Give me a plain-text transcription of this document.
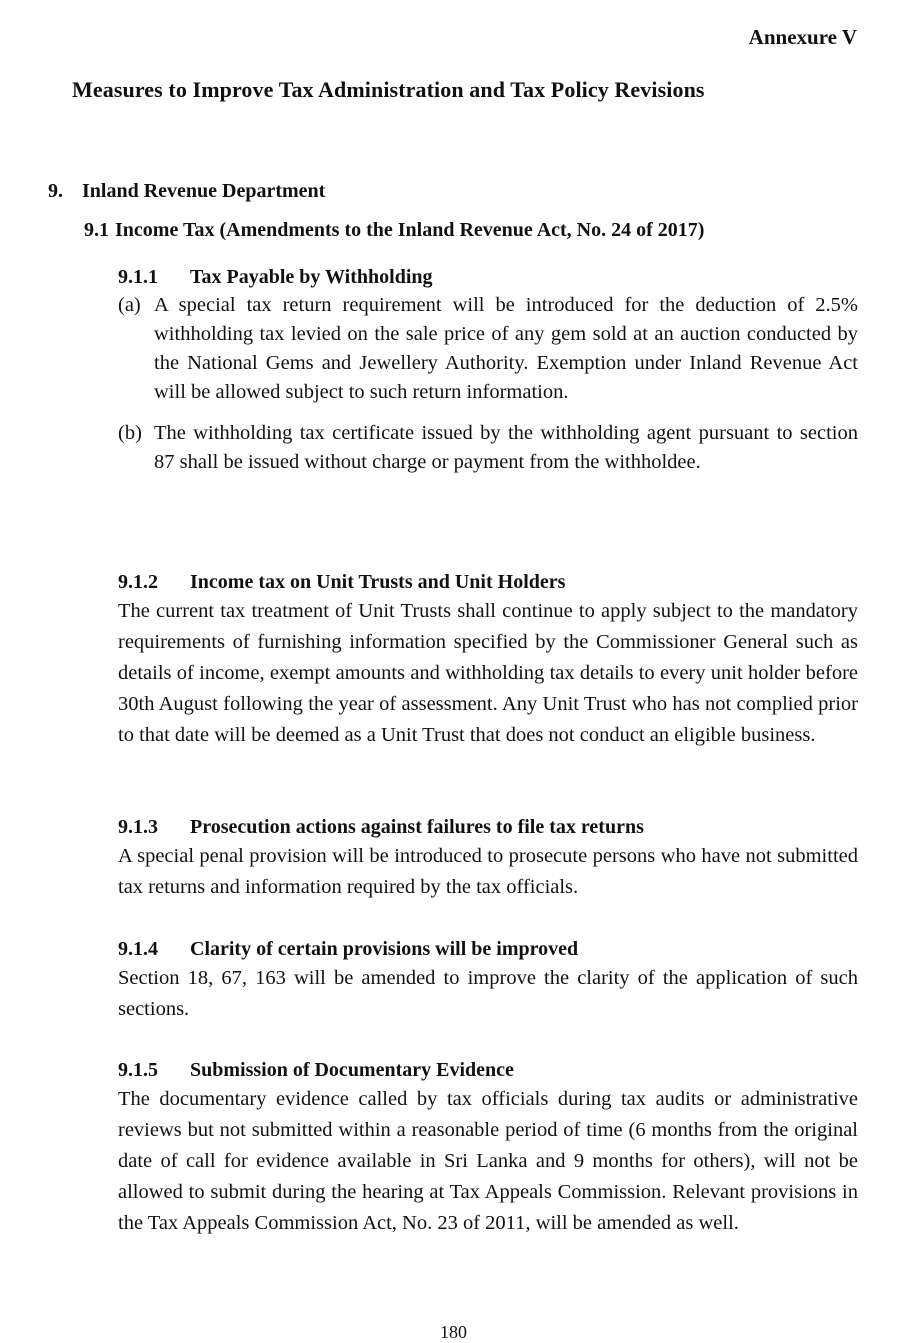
Annexure V

Measures to Improve Tax Administration and Tax Policy Revisions
9. Inland Revenue Department
9.1 Income Tax (Amendments to the Inland Revenue Act, No. 24 of 2017)
9.1.1 Tax Payable by Withholding

(a) A special tax return requirement will be introduced for the deduction of 2.5% withholding tax levied on the sale price of any gem sold at an auction conducted by the National Gems and Jewellery Authority. Exemption under Inland Revenue Act will be allowed subject to such return information.

(b) The withholding tax certificate issued by the withholding agent pursuant to section 87 shall be issued without charge or payment from the withholdee.

9.1.2 Income tax on Unit Trusts and Unit Holders

The current tax treatment of Unit Trusts shall continue to apply subject to the mandatory requirements of furnishing information specified by the Commissioner General such as details of income, exempt amounts and withholding tax details to every unit holder before 30th August following the year of assessment. Any Unit Trust who has not complied prior to that date will be deemed as a Unit Trust that does not conduct an eligible business.

9.1.3 Prosecution actions against failures to file tax returns

A special penal provision will be introduced to prosecute persons who have not submitted tax returns and information required by the tax officials.

9.1.4 Clarity of certain provisions will be improved

Section 18, 67, 163 will be amended to improve the clarity of the application of such sections.

9.1.5 Submission of Documentary Evidence

The documentary evidence called by tax officials during tax audits or administrative reviews but not submitted within a reasonable period of time (6 months from the original date of call for evidence available in Sri Lanka and 9 months for others), will not be allowed to submit during the hearing at Tax Appeals Commission. Relevant provisions in the Tax Appeals Commission Act, No. 23 of 2011, will be amended as well.

180
